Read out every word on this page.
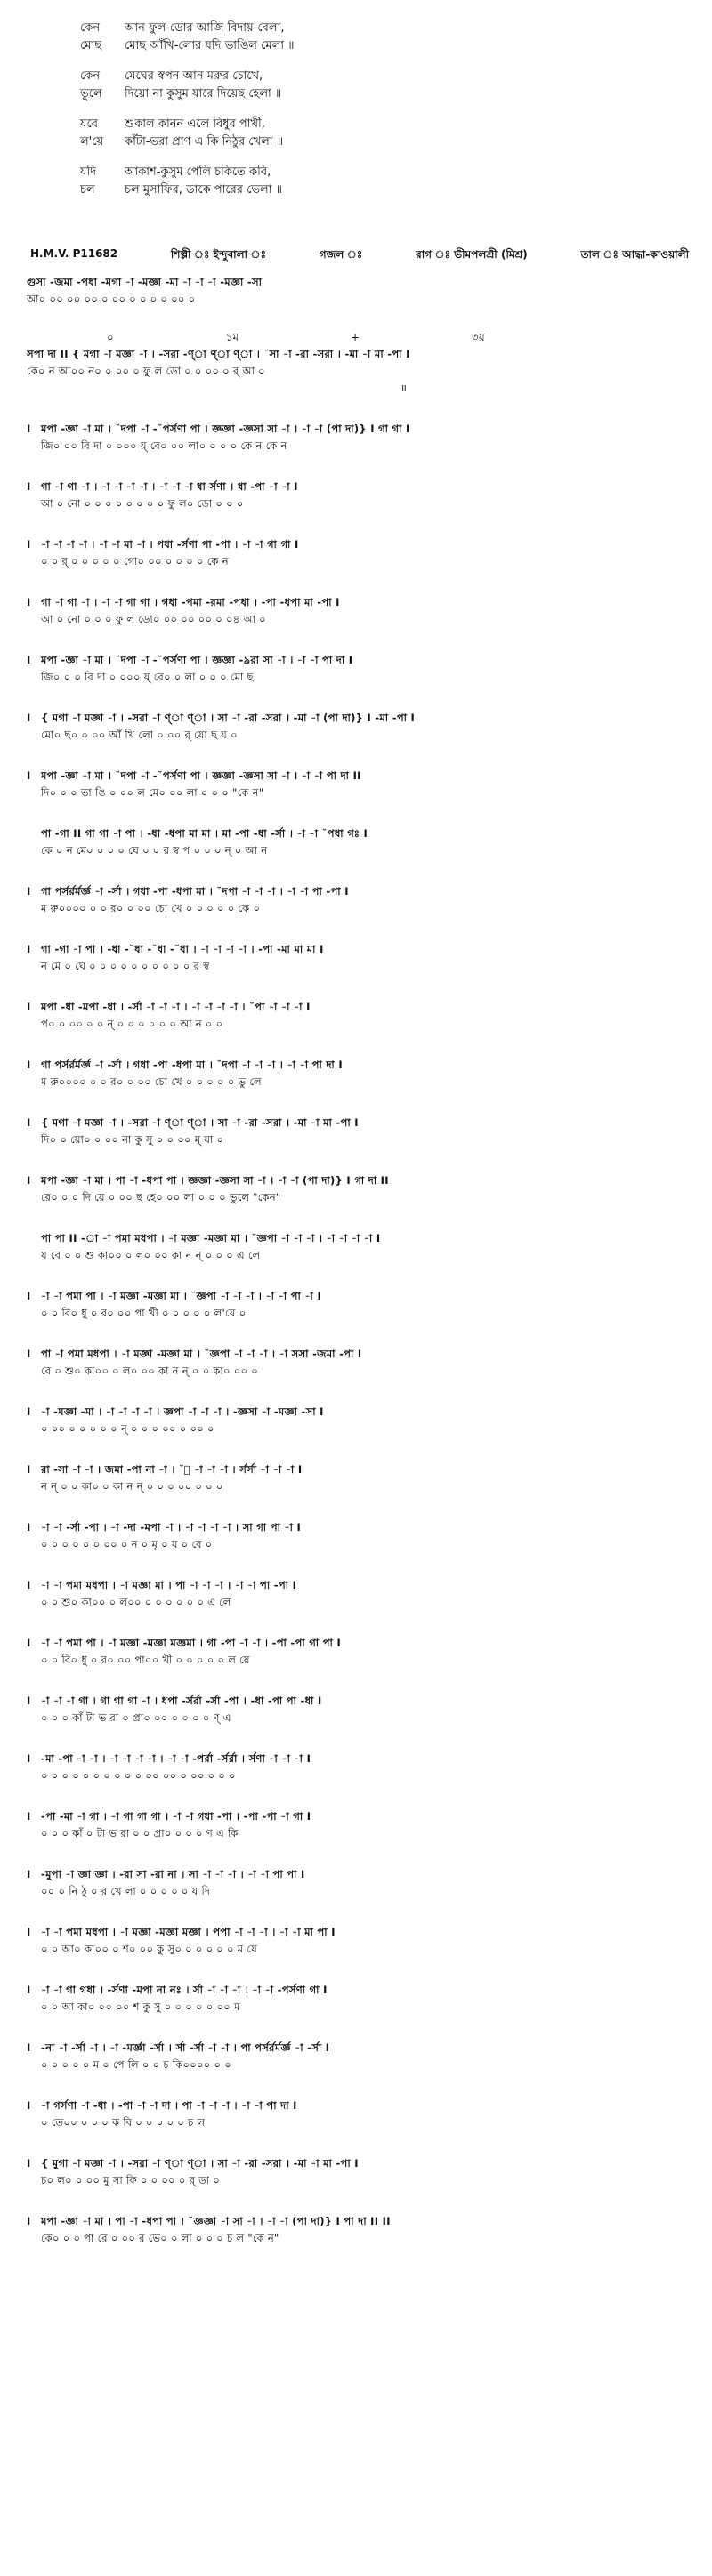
কেন	আন ফুল-ডোর আজি বিদায়-বেলা,
মোছ	মোছ আঁখি-লোর যদি ভাঙিল মেলা ॥
কেন	মেঘের স্বপন আন মরুর চোখে,
ভুলে	দিয়ো না কুসুম যারে দিয়েছ হেলা ॥
যবে	শুকাল কানন এলে বিধুর পাখী,
ল'য়ে	কাঁটা-ভরা প্রাণ এ কি নিঠুর খেলা ॥
যদি	আকাশ-কুসুম পেলি চকিতে কবি,
চল	চল মুসাফির, ডাকে পারের ভেলা ॥
H.M.V. P11682	শিল্পী ঃ ইন্দুবালা ঃ	গজল ঃ	রাগ ঃ ভীমপলশ্রী (মিশ্র)	তাল ঃ আদ্ধা-কাওয়ালী
গুসা -জমা -পধা -মগা -া -মজ্ঞা -মা -া -া -া -মজ্ঞা -সা
আ০ ০০ ০০ ০০ ০ ০০ ০ ০ ০ ০ ০০ ০
০	১ম	+	৩য়
সপা দা II { মগা -া মজ্ঞা -া । -সরা -ণ্‌া ণ্‌া ণ্‌া । ˘সা -া -রা -সরা । -মা -া মা -পা I
কে০ ন আ০০ ন০ ০ ০০ ০ ফু ল ডো ০ ০ ০০ ০ র্‌ আ ০
॥
I মপা -জ্ঞা -া মা । ˘দপা -া -˘পর্সণা পা । জ্ঞজ্ঞা -জ্ঞসা সা -া । -া -া (পা দা)} I গা গা I
জি০ ০০ বি দা ০ ০০০ য়্‌ বে০ ০০ লা০ ০ ০ ০ কে ন কে ন
I গা -া গা -া । -া -া -া -া । -া -া -া ধা র্সণা । ধা -পা -া -া I
আ ০ নো ০ ০ ০ ০ ০ ০ ০ ০ ফু ল০ ডো ০ ০ ০
I -া -া -া -া । -া -া মা -া । পধা -র্সণা পা -পা । -া -া গা গা I
০ ০ র্‌ ০ ০ ০ ০ ০ গো০ ০০ ০ ০ ০ ০ কে ন
I গা -া গা -া । -া -া গা গা । গধা -পমা -রমা -পধা । -পা -ধপা মা -পা I
আ ০ নো ০ ০ ০ ফু ল ডো০ ০০ ০০ ০০ ০ ০৪ আ ০
I মপা -জ্ঞা -া মা । ˘দপা -া -˘পর্সণা পা । জ্ঞজ্ঞা -৯রা সা -া । -া -া পা দা I
জি০ ০ ০ বি দা ০ ০০০ য়্‌ বে০ ০ লা ০ ০ ০ মো ছ
I { মগা -া মজ্ঞা -া । -সরা -া ণ্‌া ণ্‌া । সা -া -রা -সরা । -মা -া (পা দা)} I -মা -পা I
মো০ ছ০ ০ ০০ আঁ খি লো ০ ০০ র্‌ যো ছ য ০
I মপা -জ্ঞা -া মা । ˘দপা -া -˘পর্সণা পা । জ্ঞজ্ঞা -জ্ঞসা সা -া । -া -া পা দা II
দি০ ০ ০ ভা ঙি ০ ০০ ল মে০ ০০ লা ০ ০ ০ "কে ন"
পা -গা II গা গা -া পা । -ধা -ধপা মা মা । মা -পা -ধা -র্সা । -া -া ˘পধা গঃ I
কে ০ ন মে০ ০ ০ ০ ঘে ০ ০ র স্ব প ০ ০ ০ ন্‌ ০ আ ন
I গা পর্সর্রর্মর্জ্ঞ -া -র্সা । গধা -পা -ধপা মা । ˘দপা -া -া -া । -া -া পা -পা I
ম রু০০০০ ০ ০ র০ ০ ০০ চো খে ০ ০ ০ ০ ০ কে ০
I গা -গা -া পা । -ধা -˘ধা -˘ধা -˘ধা । -া -া -া -া । -পা -মা মা মা I
ন মে ০ ঘে ০ ০ ০ ০ ০ ০ ০ ০ ০ ০ র স্ব
I মপা -ধা -মপা -ধা । -র্সা -া -া -া । -া -া -া -া । ˘পা -া -া -া I
প০ ০ ০০ ০ ০ ন্‌ ০ ০ ০ ০ ০ ০ আ ন ০ ০
I গা পর্সর্রর্মর্জ্ঞ -া -র্সা । গধা -পা -ধপা মা । ˘দপা -া -া -া । -া -া পা দা I
ম রু০০০০ ০ ০ র০ ০ ০০ চো খে ০ ০ ০ ০ ০ ভু লে
I { মগা -া মজ্ঞা -া । -সরা -া ণ্‌া ণ্‌া । সা -া -রা -সরা । -মা -া মা -পা I
দি০ ০ য়ো০ ০ ০০ না কু সু ০ ০ ০০ ম্‌ যা ০
I মপা -জ্ঞা -া মা । পা -া -ধপা পা । জ্ঞজ্ঞা -জ্ঞসা সা -া । -া -া (পা দা)} I গা দা II
রে০ ০ ০ দি য়ে ০ ০০ ছ হে০ ০০ লা ০ ০ ০ ভুলে "কেন"
পা পা II -া -া পমা মধপা । -া মজ্ঞা -মজ্ঞা মা । ˘জ্ঞপা -া -া -া । -া -া -া -া I
য বে ০ ০ শু কা০০ ০ ল০ ০০ কা ন ন্‌ ০ ০ ০ এ লে
I -া -া পমা পা । -া মজ্ঞা -মজ্ঞা মা । ˘জ্ঞপা -া -া -া । -া -া পা -া I
০ ০ বি০ ধু ০ র০ ০০ পা খী ০ ০ ০ ০ ০ ল'য়ে ০
I পা -া পমা মধপা । -া মজ্ঞা -মজ্ঞা মা । ˘জ্ঞপা -া -া -া । -া সসা -জমা -পা I
বে ০ শু০ কা০০ ০ ল০ ০০ কা ন ন্‌ ০ ০ কা০ ০০ ০
I -া -মজ্ঞা -মা । -া -া -া -া । জ্ঞপা -া -া -া । -জ্ঞসা -া -মজ্ঞা -সা I
০ ০০ ০ ০ ০ ০ ০ ন্‌ ০ ০ ০ ০০ ০ ০০ ০
I রা -সা -া -া । জমা -পা না -া । ˘া -া -া -া । র্সর্সা -া -া -া I
ন ন্‌ ০ ০ কা০ ০ কা ন ন্‌ ০ ০ ০ ০০ ০ ০ ০
I -া -া -র্সা -পা । -া -দা -মপা -া । -া -া -া -া । সা গা পা -া I
০ ০ ০ ০ ০ ০ ০০ ০ ন ০ মৃ ০ য ০ বে ০
I -া -া পমা মধপা । -া মজ্ঞা মা । পা -া -া -া । -া -া পা -পা I
০ ০ শু০ কা০০ ০ ল০০ ০ ০ ০ ০ ০ ০ এ লে
I -া -া পমা পা । -া মজ্ঞা -মজ্ঞা মজ্ঞমা । গা -পা -া -া । -পা -পা গা পা I
০ ০ বি০ ধু ০ র০ ০০ পা০০ খী ০ ০ ০ ০ ০ ল য়ে
I -া -া -া গা । গা গা গা -া । ধপা -র্সর্রা -র্সা -পা । -ধা -পা পা -ধা I
০ ০ ০ কাঁ টা ভ রা ০ প্রা০ ০০ ০ ০ ০ ০ ণ্‌ এ
I -মা -পা -া -া । -া -া -া -া । -া -া -পর্রা -র্সর্রা । র্সণা -া -া -া I
০ ০ ০ ০ ০ ০ ০ ০ ০ ০ ০০ ০০ ০ ০০ ০ ০ ০
I -পা -মা -া গা । -া গা গা গা । -া -া গধা -পা । -পা -পা -া গা I
০ ০ ০ কাঁ ০ টা ভ রা ০ ০ প্রা০ ০ ০ ০ ণ এ কি
I -মুপা -া জ্ঞা জ্ঞা । -রা সা -রা না । সা -া -া -া । -া -া পা পা I
০০ ০ নি ঠু ০ র খে লা ০ ০ ০ ০ ০ য দি
I -া -া পমা মধপা । -া মজ্ঞা -মজ্ঞা মজ্ঞা । পপা -া -া -া । -া -া মা পা I
০ ০ আ০ কা০০ ০ শ০ ০০ কু সু০ ০ ০ ০ ০ ০ ম যে
I -া -া গা গধা । -র্সণা -মপা না নঃ । র্সা -া -া -া । -া -া -পর্সণা গা I
০ ০ আ কা০ ০০ ০০ শ কু সু ০ ০ ০ ০ ০ ০০ ম
I -না -া -র্সা -া । -া -মর্জ্ঞা -র্সা । র্সা -র্সা -া -া । পা পর্সর্রর্মর্জ্ঞ -া -র্সা I
০ ০ ০ ০ ০ ম ০ পে লি ০ ০ চ কি০০০০ ০ ০
I -া গর্সণা -া -ধা । -পা -া -া দা । পা -া -া -া । -া -া পা দা I
০ তে০০ ০ ০ ০ ক বি ০ ০ ০ ০ ০ চ ল
I { মুগা -া মজ্ঞা -া । -সরা -া ণ্‌া ণ্‌া । সা -া -রা -সরা । -মা -া মা -পা I
চ০ ল০ ০ ০০ মু সা ফি ০ ০ ০০ ০ র্‌ ডা ০
I মপা -জ্ঞা -া মা । পা -া -ধপা পা । ˘জ্ঞজ্ঞা -া সা -া । -া -া (পা দা)} I পা দা II II
কে০ ০ ০ পা রে ০ ০০ র ভে০ ০ লা ০ ০ ০ চ ল "কে ন"
